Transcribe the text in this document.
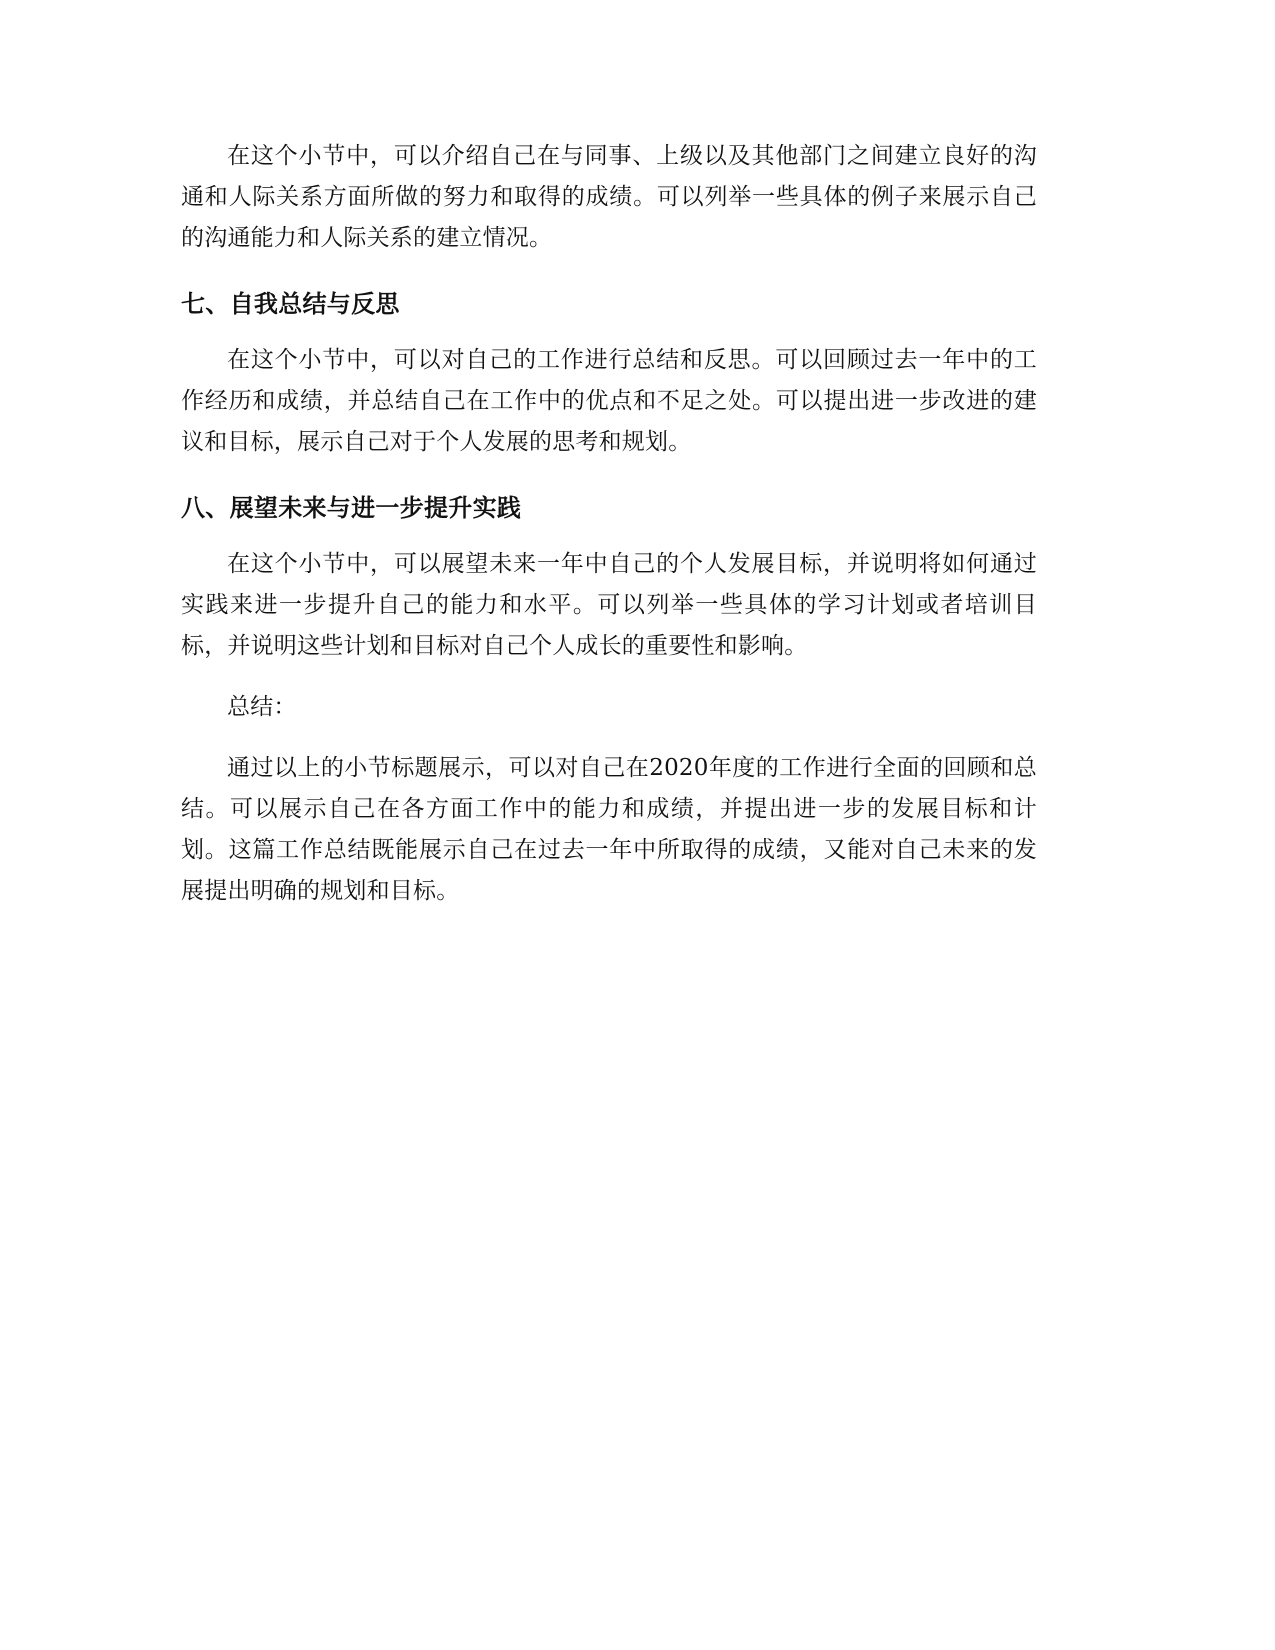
在这个小节中，可以介绍自己在与同事、上级以及其他部门之间建立良好的沟通和人际关系方面所做的努力和取得的成绩。可以列举一些具体的例子来展示自己的沟通能力和人际关系的建立情况。

七、自我总结与反思

在这个小节中，可以对自己的工作进行总结和反思。可以回顾过去一年中的工作经历和成绩，并总结自己在工作中的优点和不足之处。可以提出进一步改进的建议和目标，展示自己对于个人发展的思考和规划。

八、展望未来与进一步提升实践

在这个小节中，可以展望未来一年中自己的个人发展目标，并说明将如何通过实践来进一步提升自己的能力和水平。可以列举一些具体的学习计划或者培训目标，并说明这些计划和目标对自己个人成长的重要性和影响。

总结：

通过以上的小节标题展示，可以对自己在2020年度的工作进行全面的回顾和总结。可以展示自己在各方面工作中的能力和成绩，并提出进一步的发展目标和计划。这篇工作总结既能展示自己在过去一年中所取得的成绩，又能对自己未来的发展提出明确的规划和目标。
